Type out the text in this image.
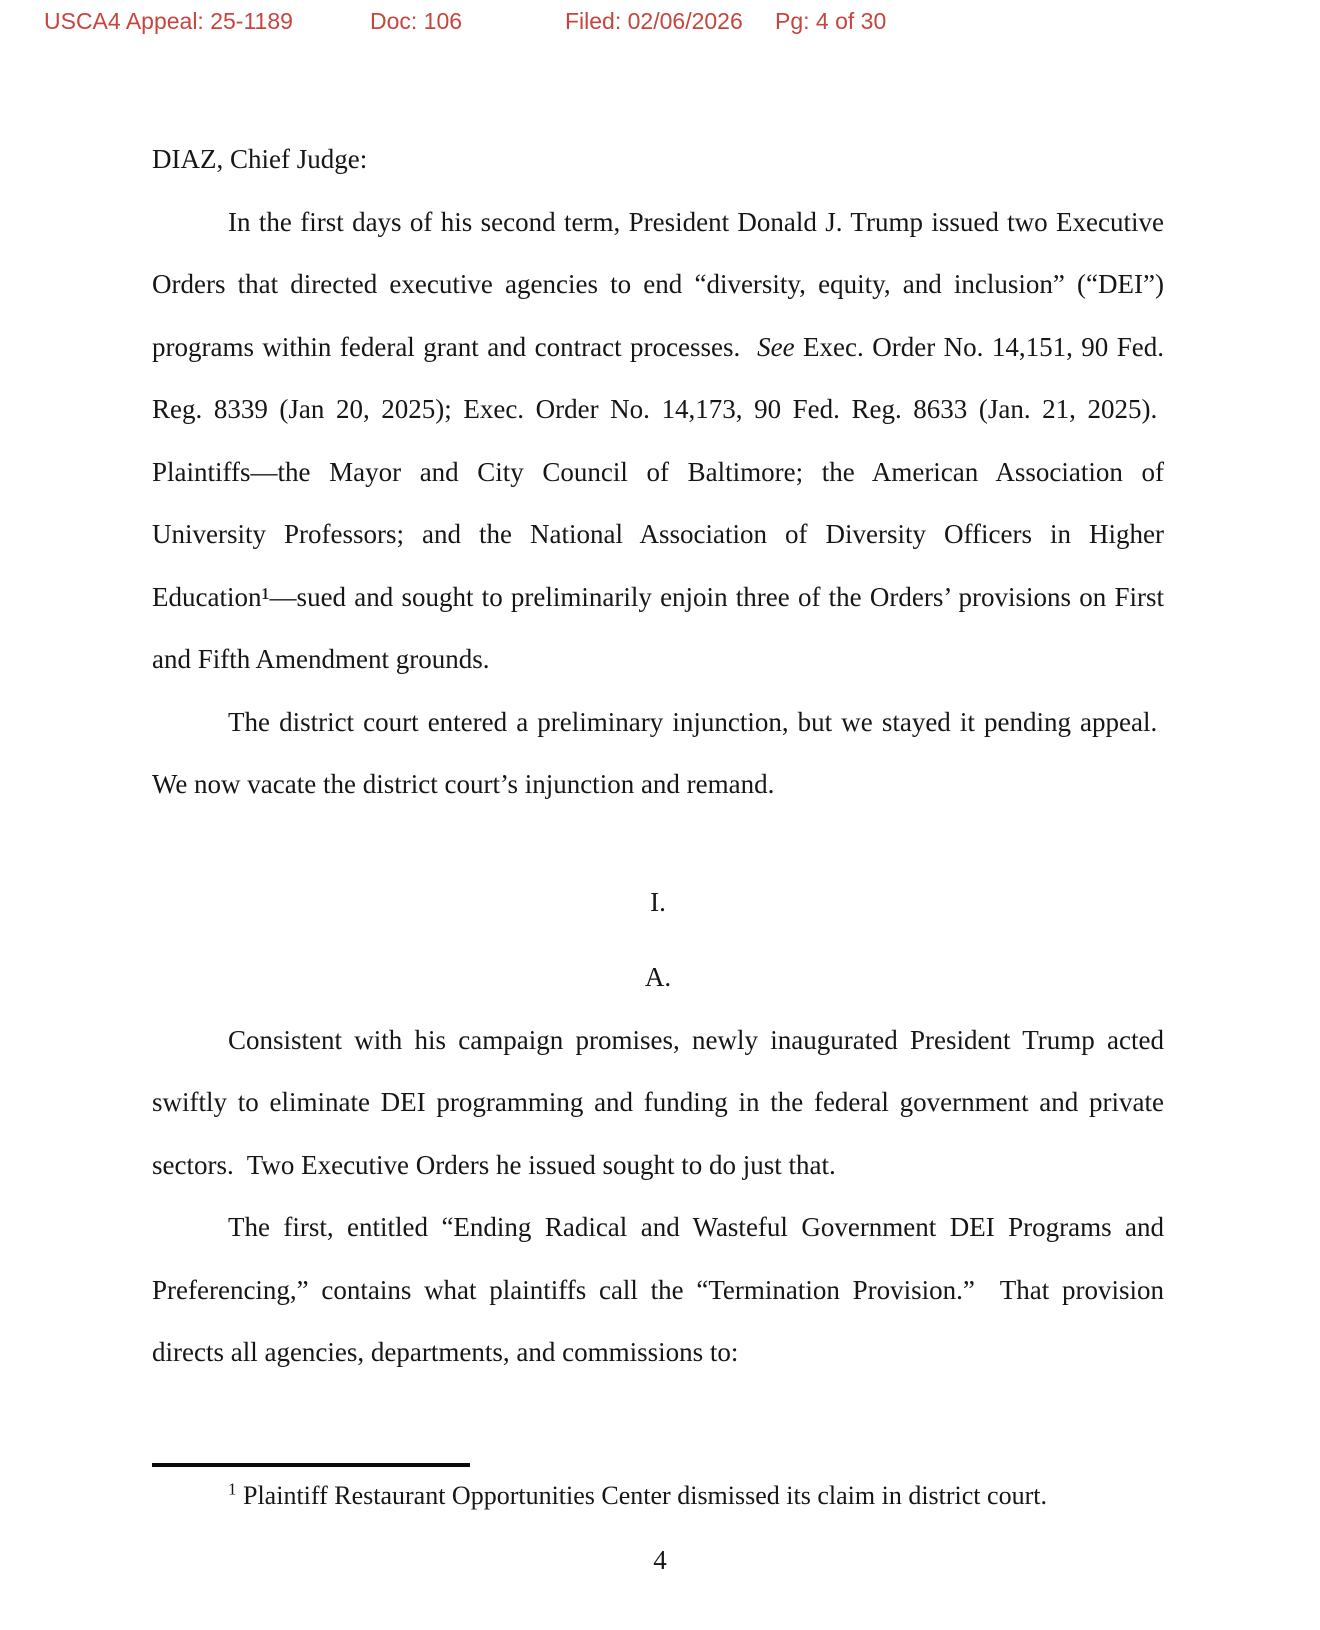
USCA4 Appeal: 25-1189	Doc: 106	Filed: 02/06/2026 Pg: 4 of 30

DIAZ, Chief Judge:

In the first days of his second term, President Donald J. Trump issued two Executive Orders that directed executive agencies to end “diversity, equity, and inclusion” (“DEI”) programs within federal grant and contract processes.  See Exec. Order No. 14,151, 90 Fed. Reg. 8339 (Jan 20, 2025); Exec. Order No. 14,173, 90 Fed. Reg. 8633 (Jan. 21, 2025).  Plaintiffs—the Mayor and City Council of Baltimore; the American Association of University Professors; and the National Association of Diversity Officers in Higher Education¹—sued and sought to preliminarily enjoin three of the Orders’ provisions on First and Fifth Amendment grounds.

The district court entered a preliminary injunction, but we stayed it pending appeal.  We now vacate the district court’s injunction and remand.

I.

A.

Consistent with his campaign promises, newly inaugurated President Trump acted swiftly to eliminate DEI programming and funding in the federal government and private sectors.  Two Executive Orders he issued sought to do just that.

The first, entitled “Ending Radical and Wasteful Government DEI Programs and Preferencing,” contains what plaintiffs call the “Termination Provision.”  That provision directs all agencies, departments, and commissions to:

$^1$ Plaintiff Restaurant Opportunities Center dismissed its claim in district court.
4
